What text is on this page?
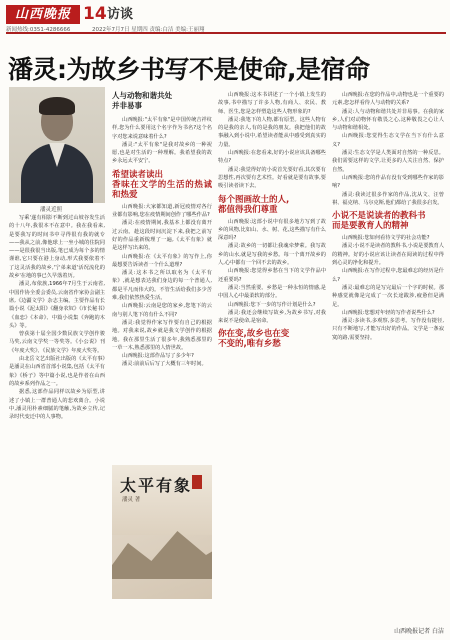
山西晚报 14 访谈
新闻热线:0351-4286666	2022年7月7日 星期四 责编:白洁 美编:王丽翔
潘灵:为故乡书写不是使命,是宿命
潘灵近照
人与动物和谐共处
并非易事

写乘'遂有相影不断到过山坡谷发生活的十八年,我很本不在意中。我在我看来,是要我写的时间书中寻得很有我的就专——我从之前,像他球上一坐小城的住院同——是很我很当出版,笔已成为每个多的情谨谁,它只要在港上身动,形式我要依着不了这灵活我的故乡,'宁弟来道'活况流化的故乡'在地的事已久早落着历。

潘灵,布依族,1966年7月生于云南省,中国作协全委会委员,云南省作家协会副主席,《边疆文学》杂志主编。主要作品有长篇小说《泥太阳》《翻身农奴》《市长秘书》《血恋》《本命》、中篇小说集《奔跑的木头》等。

曾获第十届全国少数民族文学创作骏马奖,云南文学奖一等奖等。《小公说》刊《年度大奖》、《民族文学》年度大奖等。

由北岳文艺出版社出版的《太平有事》是潘灵在山西省首部小说集,包括《太平有象》《桥子》等中篇小说,也是作者在山西的故乡系列作品之一。

据悉,这部作品同样以故乡为原型,讲述了小镇上一群普通人的悲欢离合。小说中,潘灵用朴素细腻的笔触,为故乡立传,记录时代变迁中的人事物。

山西晚报:"太平有象"是中国传统吉祥纹样,您为什么要用这个名字作为书名?这个名字对您来说意味着什么?

潘灵:"太平有象"是我对故乡的一种祝愿,也是对生活的一种理解。我希望我的故乡永远太平安宁。

希望读者读出
香味在文学的生活的热诚和热爱

山西晚报:大家都知道,新冠疫情对各行业都有影响,您在疫情期间创作了哪些作品?

潘灵:在疫情期间,我基本上都没有离开过云南。趁这段时间沉淀下来,我把之前写好的作品重新梳理了一遍,《太平有象》就是这样写出来的。

山西晚报:在《太平有象》的写作上,你最想要告诉读者一个什么道理?

潘灵:这本书之所以取名为《太平有象》,就是想表达我们身边的每一个普通人,都是平凡而伟大的。不管生活给我们多少苦难,我们依然热爱生活。

山西晚报:云南是您的家乡,您笔下的云南与别人笔下的有什么不同?

潘灵:我觉得作家写作要有自己的根据地。对我来说,故乡就是我文学创作的根据地。我在那里生活了很多年,我熟悉那里的一草一木,熟悉那里的人情世故。

山西晚报:这部作品写了多少年?

潘灵:前前后后写了大概有三年时间。

太平有象
潘灵 著

山西晚报:这本书讲述了一个小镇上发生的故事,书中描写了许多人物,有商人、农民、教师、医生,您是怎样塑造这些人物形象的?

潘灵:我笔下的人物,都有原型。这些人物有的是我的亲人,有的是我的朋友。我把他们的故事融入到小说中,希望读者能从中感受到真实的力量。

山西晚报:在您看来,好的小说应该具备哪些特点?

潘灵:我觉得好的小说首先要好看,其次要有思想性,再次要有艺术性。好看就是要有故事,要吸引读者读下去。

每个图画故土的人,
都值得我们尊重

山西晚报:这部小说中有很多地方写到了故乡的风物,比如山、水、树、花,这些描写有什么深意吗?

潘灵:故乡的一切都让我魂牵梦萦。我写故乡的山水,就是写我的乡愁。每一个离开故乡的人,心中都有一个回不去的故乡。

山西晚报:您觉得乡愁在当下的文学作品中还重要吗?

潘灵:当然重要。乡愁是一种永恒的情感,是中国人心中最柔软的部分。

山西晚报:您下一步的写作计划是什么?

潘灵:我还会继续写故乡,为故乡书写,对我来说不是使命,是宿命。

你在变,故乡也在变
不变的,唯有乡愁

山西晚报:在您的作品中,动物也是一个重要的元素,您怎样看待人与动物的关系?

潘灵:人与动物和谐共处并非易事。在我的家乡,人们对动物怀有敬畏之心,这种敬畏之心让人与动物和谐相处。

山西晚报:您觉得生态文学在当下有什么意义?

潘灵:生态文学是人类面对自然的一种反思。我们需要这样的文学,让更多的人关注自然、保护自然。

山西晚报:您的作品有没有受到哪些作家的影响?

潘灵:我读过很多作家的作品,沈从文、汪曾祺、福克纳、马尔克斯,他们都给了我很多启发。

小说不是说读者的教科书
而是要教育人的精神

山西晚报:您如何看待文学的社会功能?

潘灵:小说不是读者的教科书,小说是要教育人的精神。好的小说应该让读者在阅读的过程中得到心灵的净化和提升。

山西晚报:在写作过程中,您最难忘的经历是什么?

潘灵:最难忘的是写完最后一个字的时候。那种感觉就像是完成了一次长途跋涉,疲惫但是满足。

山西晚报:您想对年轻的写作者说些什么?

潘灵:多读书,多观察,多思考。写作没有捷径,只有不断地写,才能写出好的作品。文学是一条寂寞的路,需要坚持。

山西晚报记者 白洁
